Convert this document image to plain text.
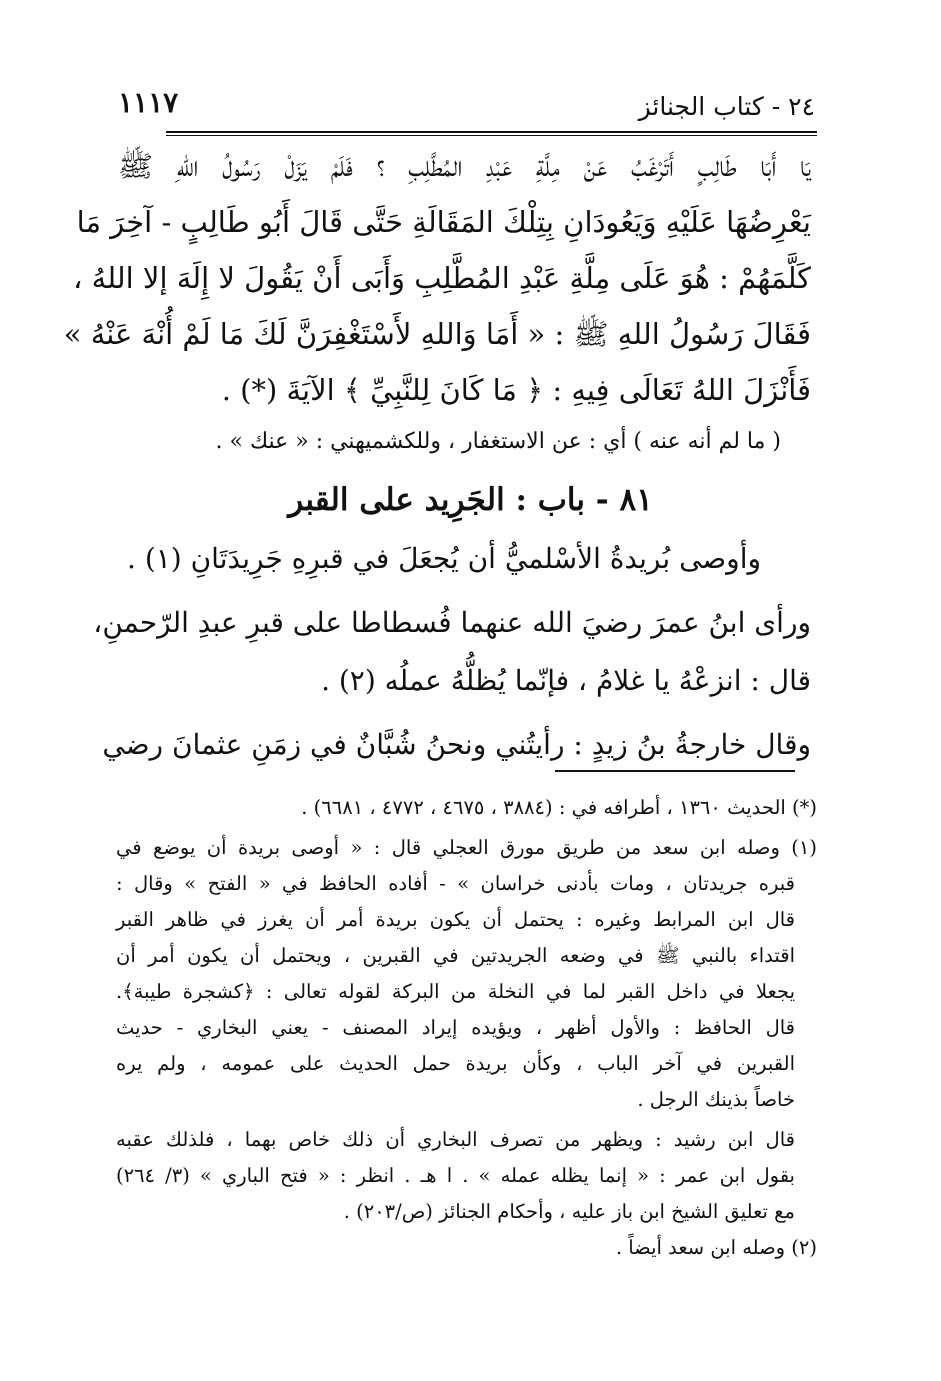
٢٤ - كتاب الجنائز
١١١٧
يَا أَبَا طَالِبٍ أَتَرْغَبُ عَنْ مِلَّةِ عَبْدِ المُطَّلِبِ ؟ فَلَمْ يَزَلْ رَسُولُ اللهِ ﷺ
يَعْرِضُهَا عَلَيْهِ وَيَعُودَانِ بِتِلْكَ المَقَالَةِ حَتَّى قَالَ أَبُو طَالِبٍ - آخِرَ مَا
كَلَّمَهُمْ : هُوَ عَلَى مِلَّةِ عَبْدِ المُطَّلِبِ وَأَبَى أَنْ يَقُولَ لا إِلَهَ إلا اللهُ ،
فَقَالَ رَسُولُ اللهِ ﷺ : « أَمَا وَاللهِ لأَسْتَغْفِرَنَّ لَكَ مَا لَمْ أُنْهَ عَنْهُ »
فَأَنْزَلَ اللهُ تَعَالَى فِيهِ : ﴿ مَا كَانَ لِلنَّبِيِّ ﴾ الآيَةَ (*) .
( ما لم أنه عنه ) أي : عن الاستغفار ، وللكشميهني : « عنك » .
٨١ - باب : الجَرِيد على القبر
وأوصى بُريدةُ الأسْلميُّ أن يُجعَلَ في قبرِهِ جَرِيدَتَانِ (١) .
ورأى ابنُ عمرَ رضيَ الله عنهما فُسطاطا على قبرِ عبدِ الرّحمنِ،
قال : انزعْهُ يا غلامُ ، فإنّما يُظلُّهُ عملُه (٢) .
وقال خارجةُ بنُ زيدٍ : رأيتُني ونحنُ شُبَّانٌ في زمَنِ عثمانَ رضي
(*) الحديث ١٣٦٠ ، أطرافه في : (٣٨٨٤ ، ٤٦٧٥ ، ٤٧٧٢ ، ٦٦٨١) .
(١) وصله ابن سعد من طريق مورق العجلي قال : « أوصى بريدة أن يوضع في
قبره جريدتان ، ومات بأدنى خراسان » - أفاده الحافظ في « الفتح » وقال :
قال ابن المرابط وغيره : يحتمل أن يكون بريدة أمر أن يغرز في ظاهر القبر
اقتداء بالنبي ﷺ في وضعه الجريدتين في القبرين ، ويحتمل أن يكون أمر أن
يجعلا في داخل القبر لما في النخلة من البركة لقوله تعالى : ﴿كشجرة طيبة﴾.
قال الحافظ : والأول أظهر ، ويؤيده إيراد المصنف - يعني البخاري - حديث
القبرين في آخر الباب ، وكأن بريدة حمل الحديث على عمومه ، ولم يره
خاصاً بذينك الرجل .
قال ابن رشيد : ويظهر من تصرف البخاري أن ذلك خاص بهما ، فلذلك عقبه
بقول ابن عمر : « إنما يظله عمله » . ا هـ . انظر : « فتح الباري » (٣/ ٢٦٤)
مع تعليق الشيخ ابن باز عليه ، وأحكام الجنائز (ص/٢٠٣) .
(٢) وصله ابن سعد أيضاً .
